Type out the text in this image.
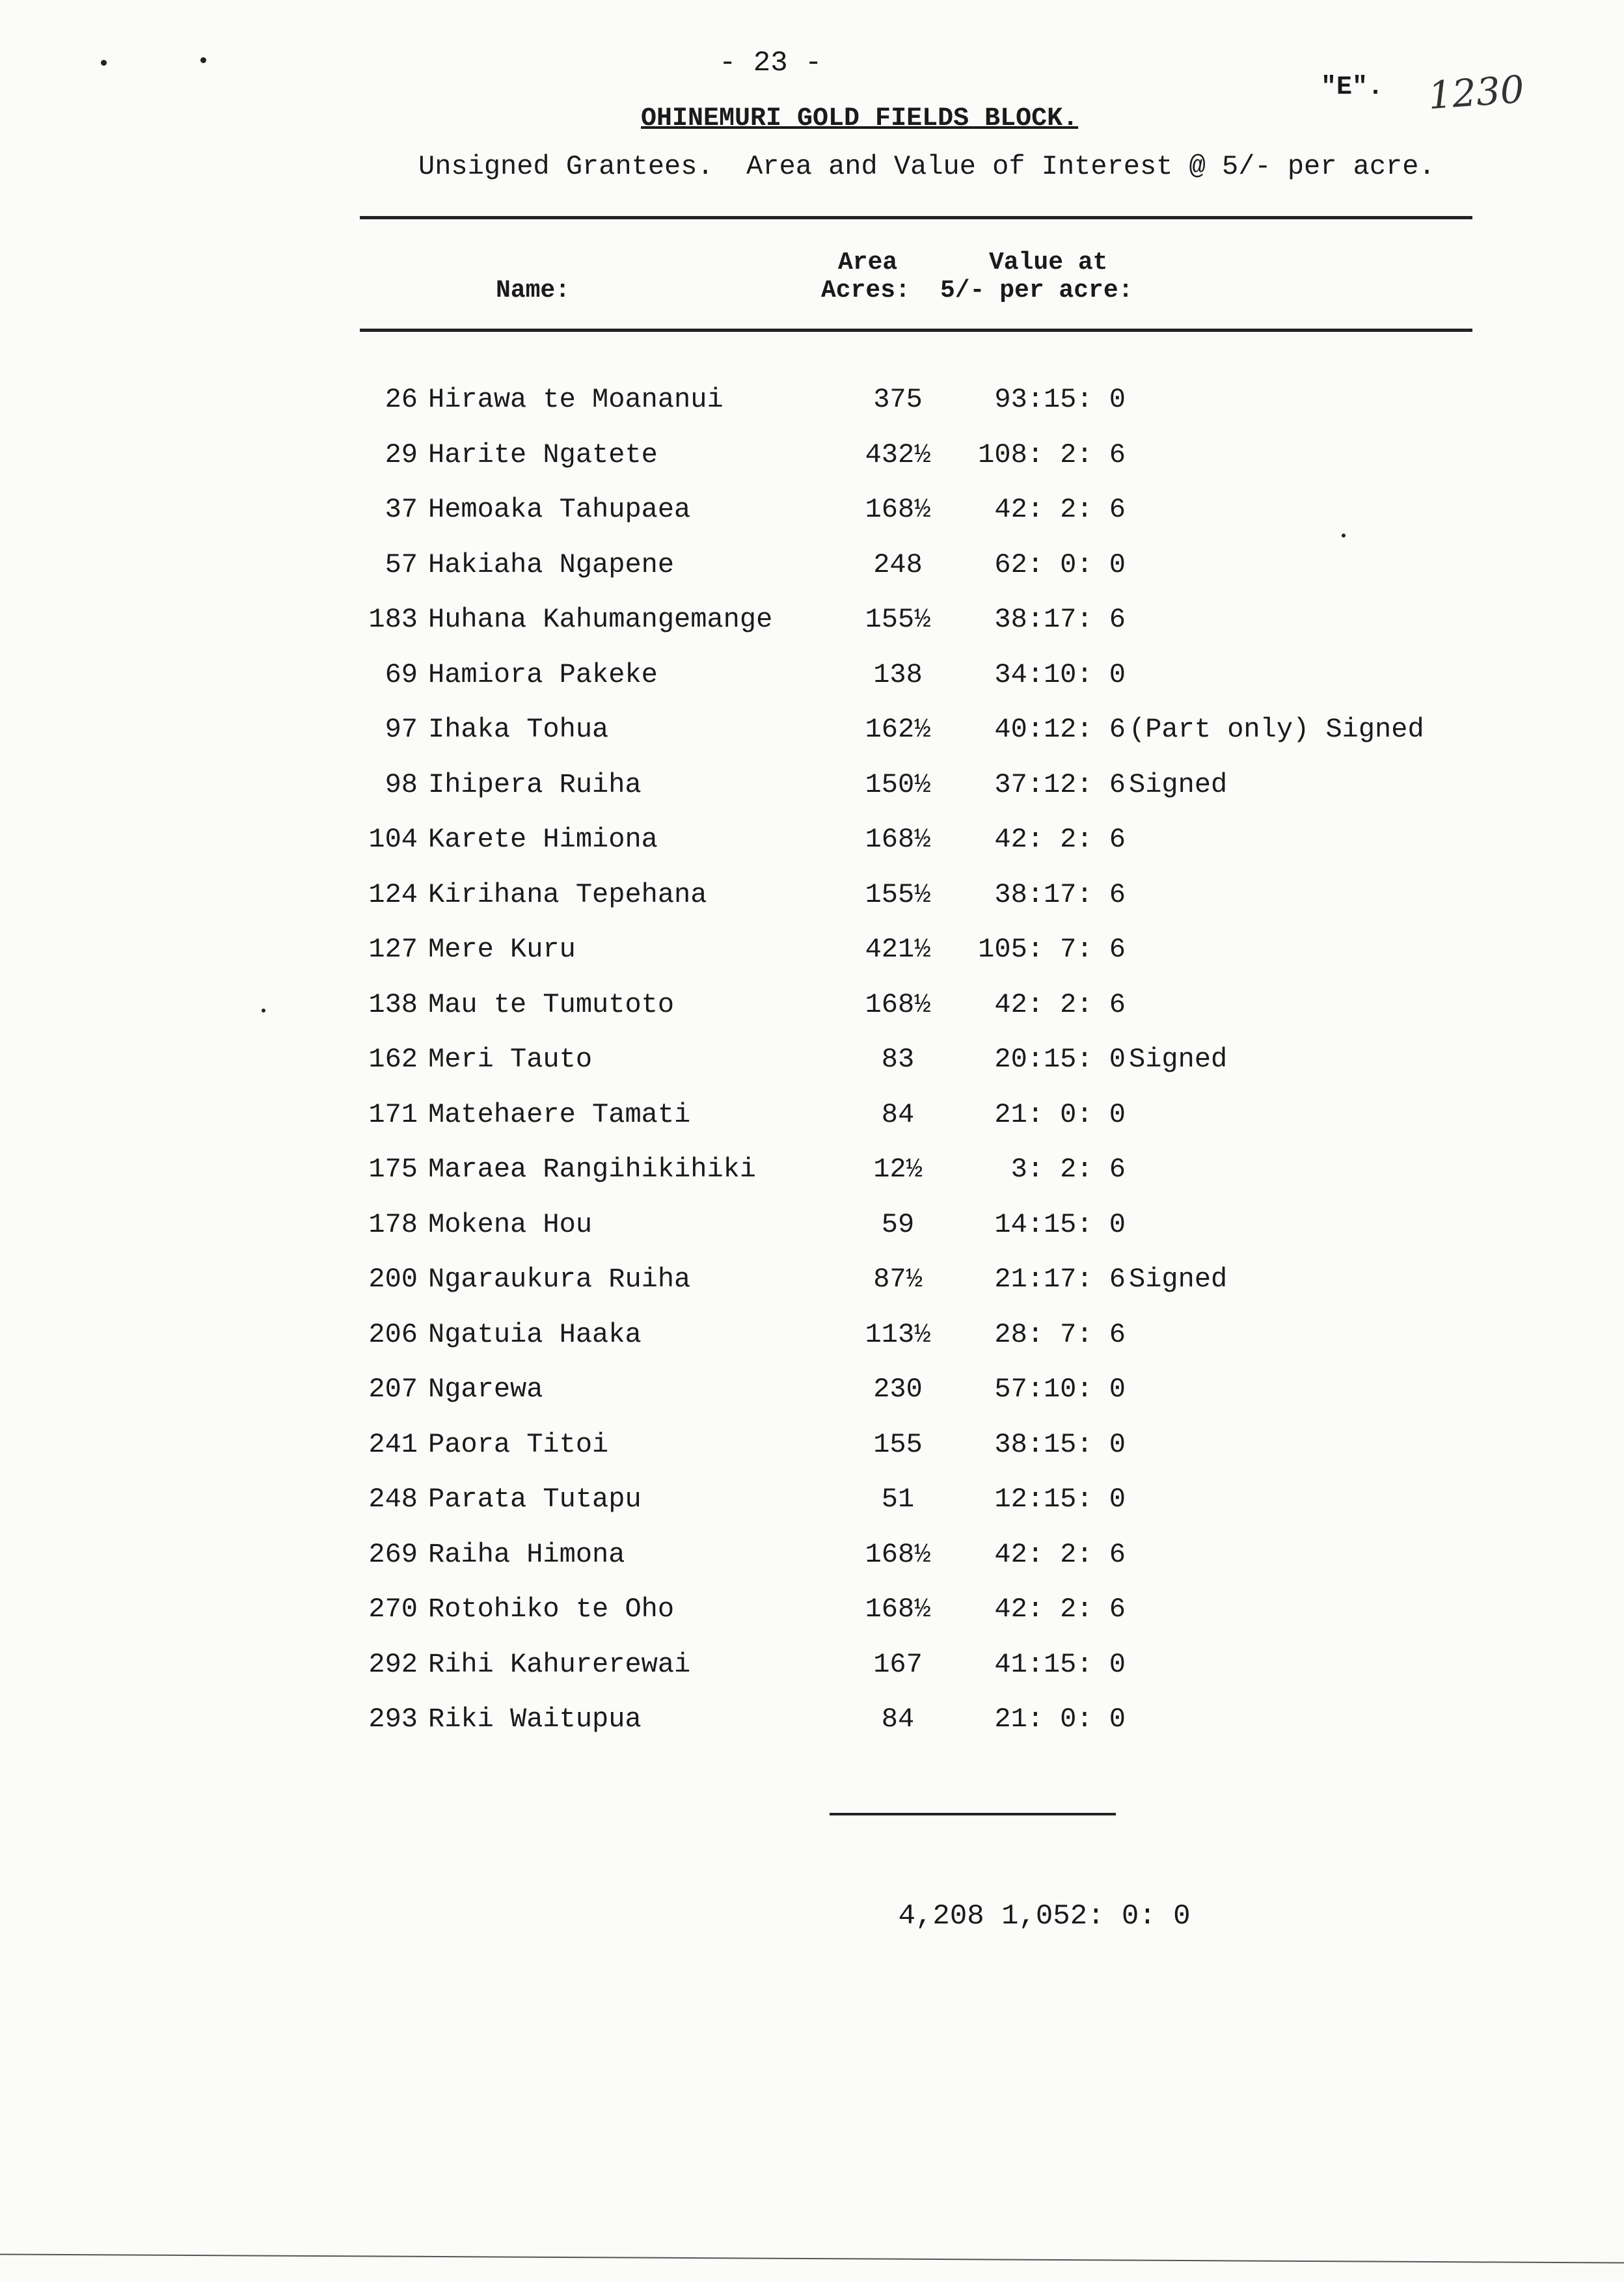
- 23 -
"E". 1230
OHINEMURI GOLD FIELDS BLOCK.
Unsigned Grantees.  Area and Value of Interest @ 5/- per acre.
Name:
Area
Acres:
Value at
5/- per acre:
26 Hirawa te Moananui	375	93:15: 0
29 Harite Ngatete	432½	108: 2: 6
37 Hemoaka Tahupaea	168½	42: 2: 6
57 Hakiaha Ngapene	248	62: 0: 0
183 Huhana Kahumangemange	155½	38:17: 6
69 Hamiora Pakeke	138	34:10: 0
97 Ihaka Tohua	162½	40:12: 6 (Part only) Signed
98 Ihipera Ruiha	150½	37:12: 6 Signed
104 Karete Himiona	168½	42: 2: 6
124 Kirihana Tepehana	155½	38:17: 6
127 Mere Kuru	421½	105: 7: 6
138 Mau te Tumutoto	168½	42: 2: 6
162 Meri Tauto	83	20:15: 0 Signed
171 Matehaere Tamati	84	21: 0: 0
175 Maraea Rangihikihiki	12½	3: 2: 6
178 Mokena Hou	59	14:15: 0
200 Ngaraukura Ruiha	87½	21:17: 6 Signed
206 Ngatuia Haaka	113½	28: 7: 6
207 Ngarewa	230	57:10: 0
241 Paora Titoi	155	38:15: 0
248 Parata Tutapu	51	12:15: 0
269 Raiha Himona	168½	42: 2: 6
270 Rotohiko te Oho	168½	42: 2: 6
292 Rihi Kahurerewai	167	41:15: 0
293 Riki Waitupua	84	21: 0: 0

4,208 1,052: 0: 0
